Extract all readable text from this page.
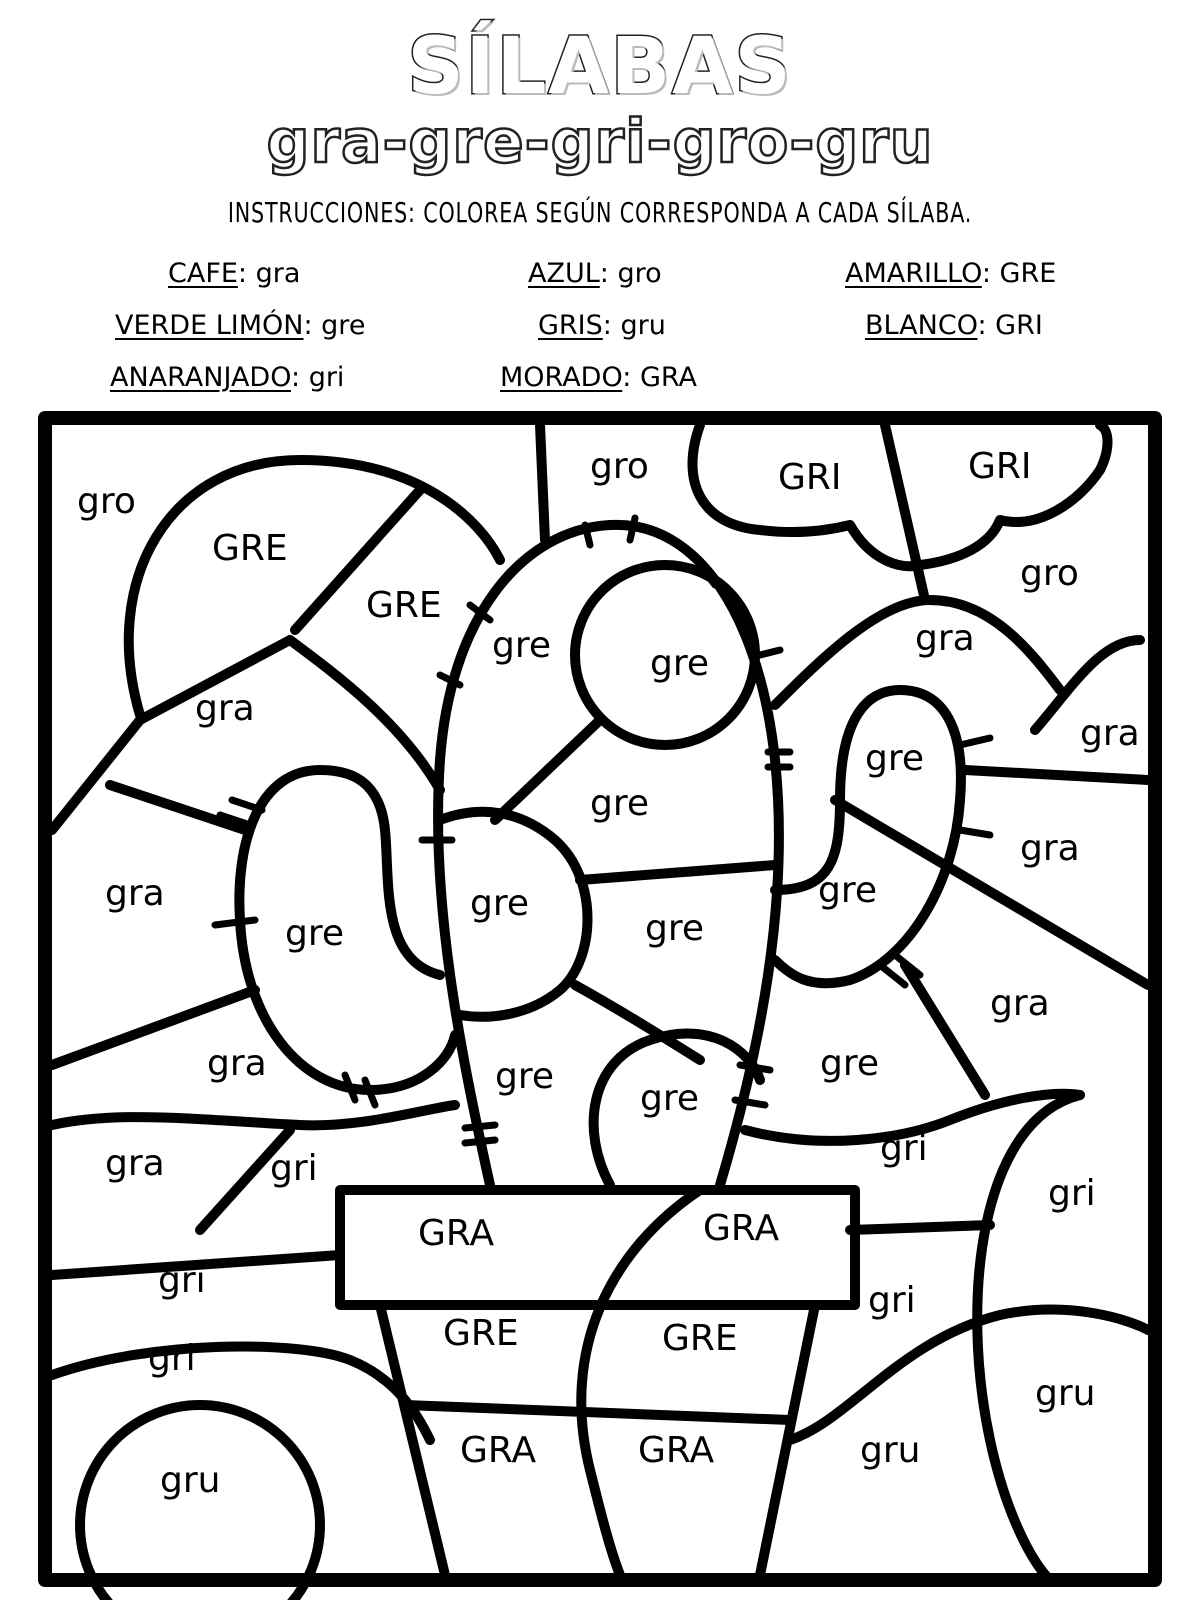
SÍLABAS
gra-gre-gri-gro-gru
INSTRUCCIONES: COLOREA SEGÚN CORRESPONDA A CADA SÍLABA.
CAFE: gra	AZUL: gro	AMARILLO: GRE
VERDE LIMÓN: gre	GRIS: gru	BLANCO: GRI
ANARANJADO: gri	MORADO: GRA
gro
GRE
GRE
gro	GRI	GRI
gro
gre	gre
gra
gra
gra
gre
gre
gra
gre
gra	gre
gre
gre
gre
gra
gra
gre
gre
gra	gri	gri
gri
gri
GRA	GRA
gri
gri
GRE	GRE
gru
gru
GRA	GRA	gru
